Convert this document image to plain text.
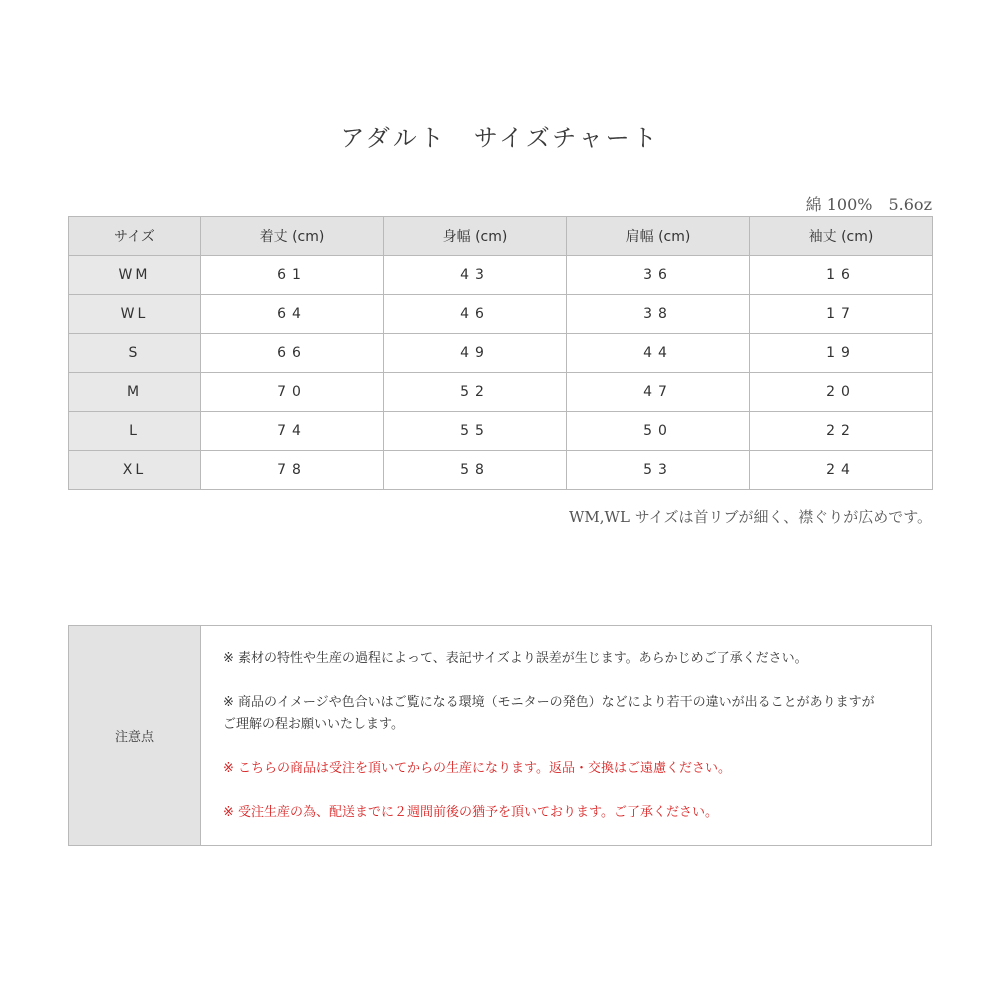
アダルト　サイズチャート
綿 100%　5.6oz
サイズ	着丈 (cm)	身幅 (cm)	肩幅 (cm)	袖丈 (cm)
WM	61	43	36	16
WL	64	46	38	17
S	66	49	44	19
M	70	52	47	20
L	74	55	50	22
XL	78	58	53	24
WM,WL サイズは首リブが細く、襟ぐりが広めです。
注意点	

※ 素材の特性や生産の過程によって、表記サイズより誤差が生じます。あらかじめご了承ください。

※ 商品のイメージや色合いはご覧になる環境（モニターの発色）などにより若干の違いが出ることがありますがご理解の程お願いいたします。

※ こちらの商品は受注を頂いてからの生産になります。返品・交換はご遠慮ください。

※ 受注生産の為、配送までに２週間前後の猶予を頂いております。ご了承ください。
